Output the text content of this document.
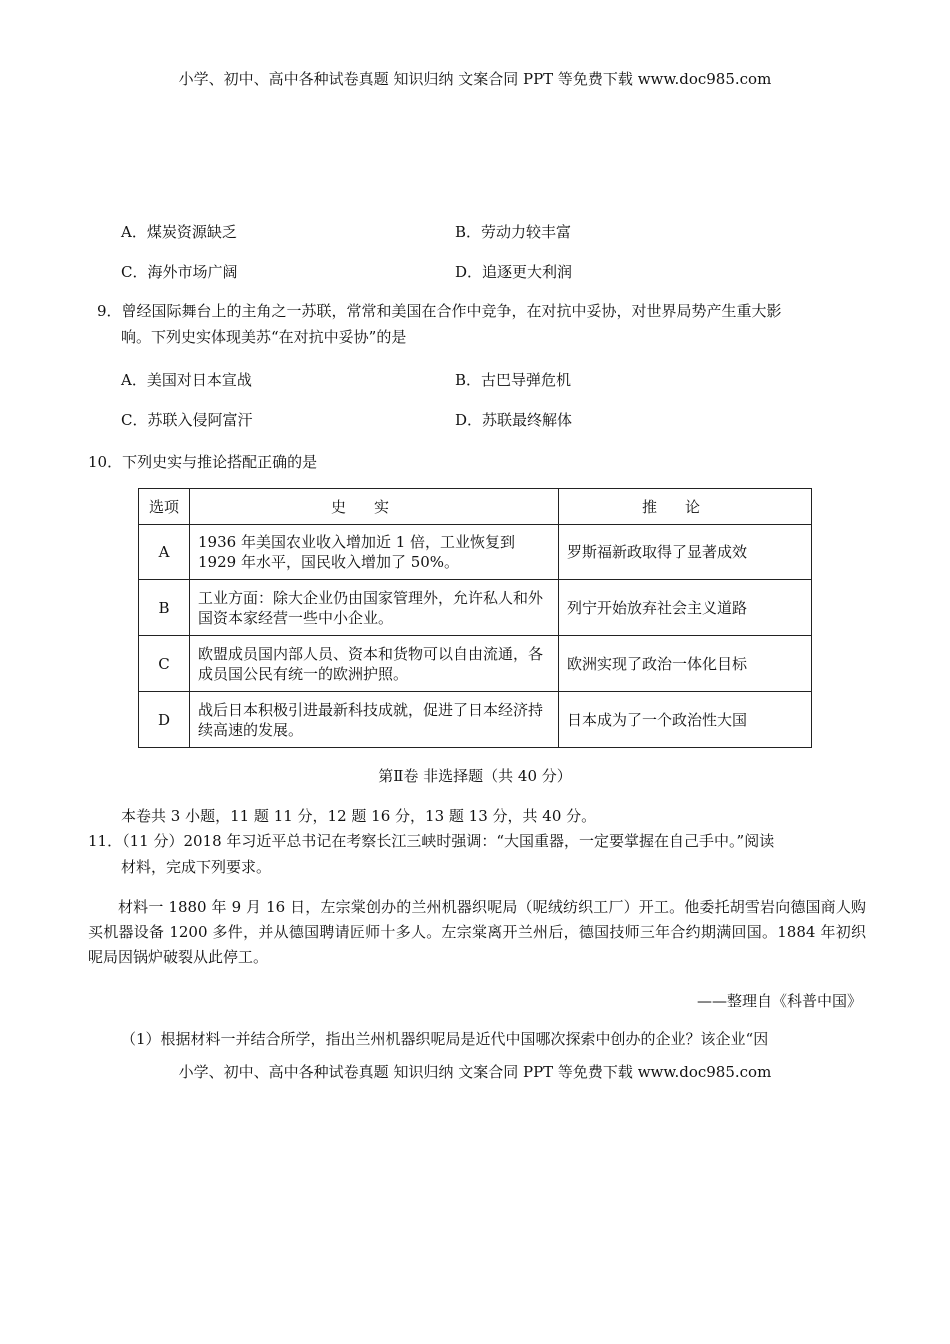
小学、初中、高中各种试卷真题 知识归纳 文案合同 PPT 等免费下载 www.doc985.com
A．煤炭资源缺乏	B．劳动力较丰富
C．海外市场广阔	D．追逐更大利润
9．曾经国际舞台上的主角之一苏联，常常和美国在合作中竞争，在对抗中妥协，对世界局势产生重大影
响。下列史实体现美苏“在对抗中妥协”的是
A．美国对日本宣战	B．古巴导弹危机
C．苏联入侵阿富汗	D．苏联最终解体
10．下列史实与推论搭配正确的是
选项	史实	推论
A	1936 年美国农业收入增加近 1 倍，工业恢复到 1929 年水平，国民收入增加了 50%。	罗斯福新政取得了显著成效
B	工业方面：除大企业仍由国家管理外，允许私人和外国资本家经营一些中小企业。	列宁开始放弃社会主义道路
C	欧盟成员国内部人员、资本和货物可以自由流通，各成员国公民有统一的欧洲护照。	欧洲实现了政治一体化目标
D	战后日本积极引进最新科技成就，促进了日本经济持续高速的发展。	日本成为了一个政治性大国
第Ⅱ卷 非选择题（共 40 分）
本卷共 3 小题，11 题 11 分，12 题 16 分，13 题 13 分，共 40 分。
11．（11 分）2018 年习近平总书记在考察长江三峡时强调：“大国重器，一定要掌握在自己手中。”阅读
材料，完成下列要求。
材料一 1880 年 9 月 16 日，左宗棠创办的兰州机器织呢局（呢绒纺织工厂）开工。他委托胡雪岩向德国商人购买机器设备 1200 多件，并从德国聘请匠师十多人。左宗棠离开兰州后，德国技师三年合约期满回国。1884 年初织呢局因锅炉破裂从此停工。
——整理自《科普中国》
（1）根据材料一并结合所学，指出兰州机器织呢局是近代中国哪次探索中创办的企业？该企业“因
小学、初中、高中各种试卷真题 知识归纳 文案合同 PPT 等免费下载 www.doc985.com
